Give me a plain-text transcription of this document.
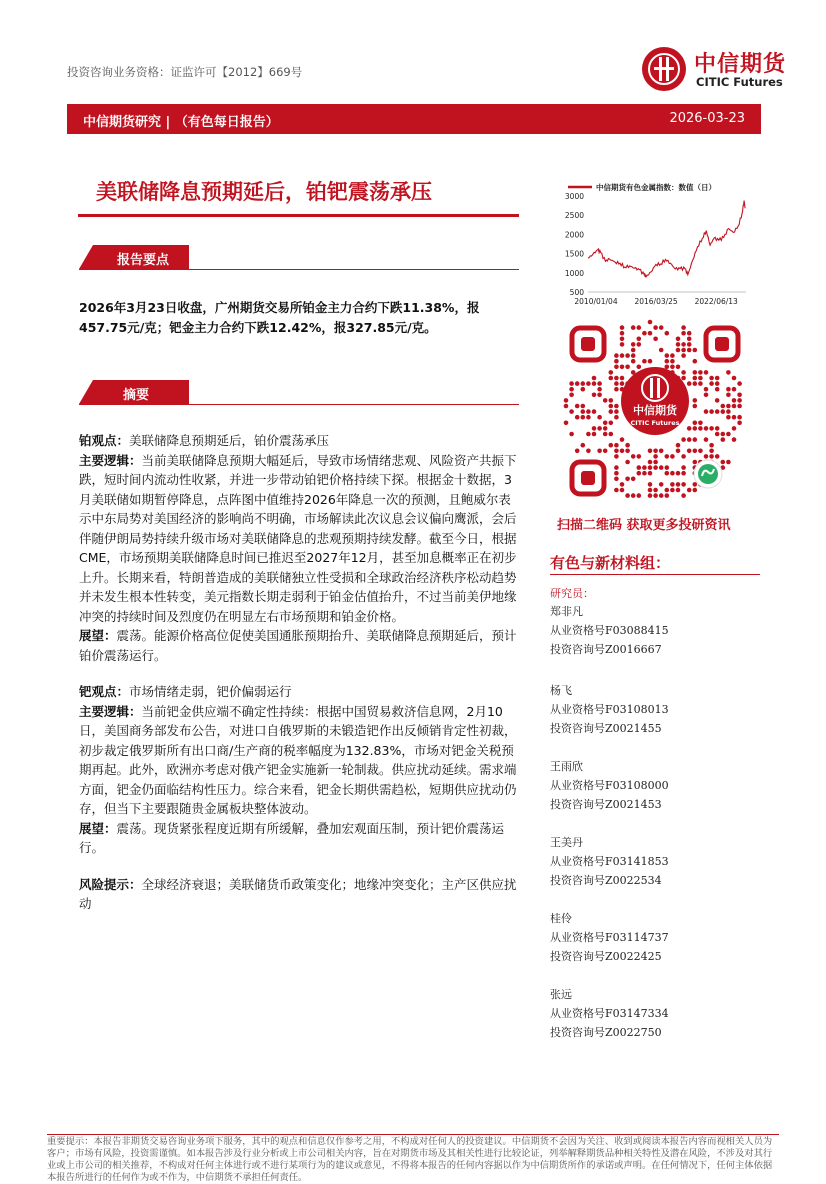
投资咨询业务资格：证监许可【2012】669号	中信期货
CITIC Futures
中信期货研究 | （有色每日报告）	2026-03-23
美联储降息预期延后，铂钯震荡承压
报告要点
2026年3月23日收盘，广州期货交易所铂金主力合约下跌11.38%，报457.75元/克；钯金主力合约下跌12.42%，报327.85元/克。
摘要
铂观点：美联储降息预期延后，铂价震荡承压
主要逻辑：当前美联储降息预期大幅延后，导致市场情绪悲观、风险资产共振下跌，短时间内流动性收紧，并进一步带动铂钯价格持续下探。根据金十数据，3月美联储如期暂停降息，点阵图中值维持2026年降息一次的预测，且鲍威尔表示中东局势对美国经济的影响尚不明确，市场解读此次议息会议偏向鹰派，会后伴随伊朗局势持续升级市场对美联储降息的悲观预期持续发酵。截至今日，根据CME，市场预期美联储降息时间已推迟至2027年12月，甚至加息概率正在初步上升。长期来看，特朗普造成的美联储独立性受损和全球政治经济秩序松动趋势并未发生根本性转变，美元指数长期走弱利于铂金估值抬升，不过当前美伊地缘冲突的持续时间及烈度仍在明显左右市场预期和铂金价格。
展望：震荡。能源价格高位促使美国通胀预期抬升、美联储降息预期延后，预计铂价震荡运行。
钯观点：市场情绪走弱，钯价偏弱运行
主要逻辑：当前钯金供应端不确定性持续：根据中国贸易救济信息网，2月10日，美国商务部发布公告，对进口自俄罗斯的未锻造钯作出反倾销肯定性初裁，初步裁定俄罗斯所有出口商/生产商的税率幅度为132.83%，市场对钯金关税预期再起。此外，欧洲亦考虑对俄产钯金实施新一轮制裁。供应扰动延续。需求端方面，钯金仍面临结构性压力。综合来看，钯金长期供需趋松，短期供应扰动仍存，但当下主要跟随贵金属板块整体波动。
展望：震荡。现货紧张程度近期有所缓解，叠加宏观面压制，预计钯价震荡运行。
风险提示：全球经济衰退；美联储货币政策变化；地缘冲突变化；主产区供应扰动
中信期货有色金属指数：数值（日）
500
1000
1500
2000
2500
3000
2010/01/04 2016/03/25 2022/06/13
中信期货
CITIC Futures
扫描二维码 获取更多投研资讯
有色与新材料组：
研究员：
郑非凡
从业资格号F03088415
投资咨询号Z0016667
杨飞
从业资格号F03108013
投资咨询号Z0021455
王雨欣
从业资格号F03108000
投资咨询号Z0021453
王美丹
从业资格号F03141853
投资咨询号Z0022534
桂伶
从业资格号F03114737
投资咨询号Z0022425
张远
从业资格号F03147334
投资咨询号Z0022750
重要提示：本报告非期货交易咨询业务项下服务，其中的观点和信息仅作参考之用，不构成对任何人的投资建议。中信期货不会因为关注、收到或阅读本报告内容而视相关人员为客户；市场有风险，投资需谨慎。如本报告涉及行业分析或上市公司相关内容，旨在对期货市场及其相关性进行比较论证，列举解释期货品种相关特性及潜在风险，不涉及对其行业或上市公司的相关推荐，不构成对任何主体进行或不进行某项行为的建议或意见，不得将本报告的任何内容据以作为中信期货所作的承诺或声明。在任何情况下，任何主体依据本报告所进行的任何作为或不作为，中信期货不承担任何责任。
